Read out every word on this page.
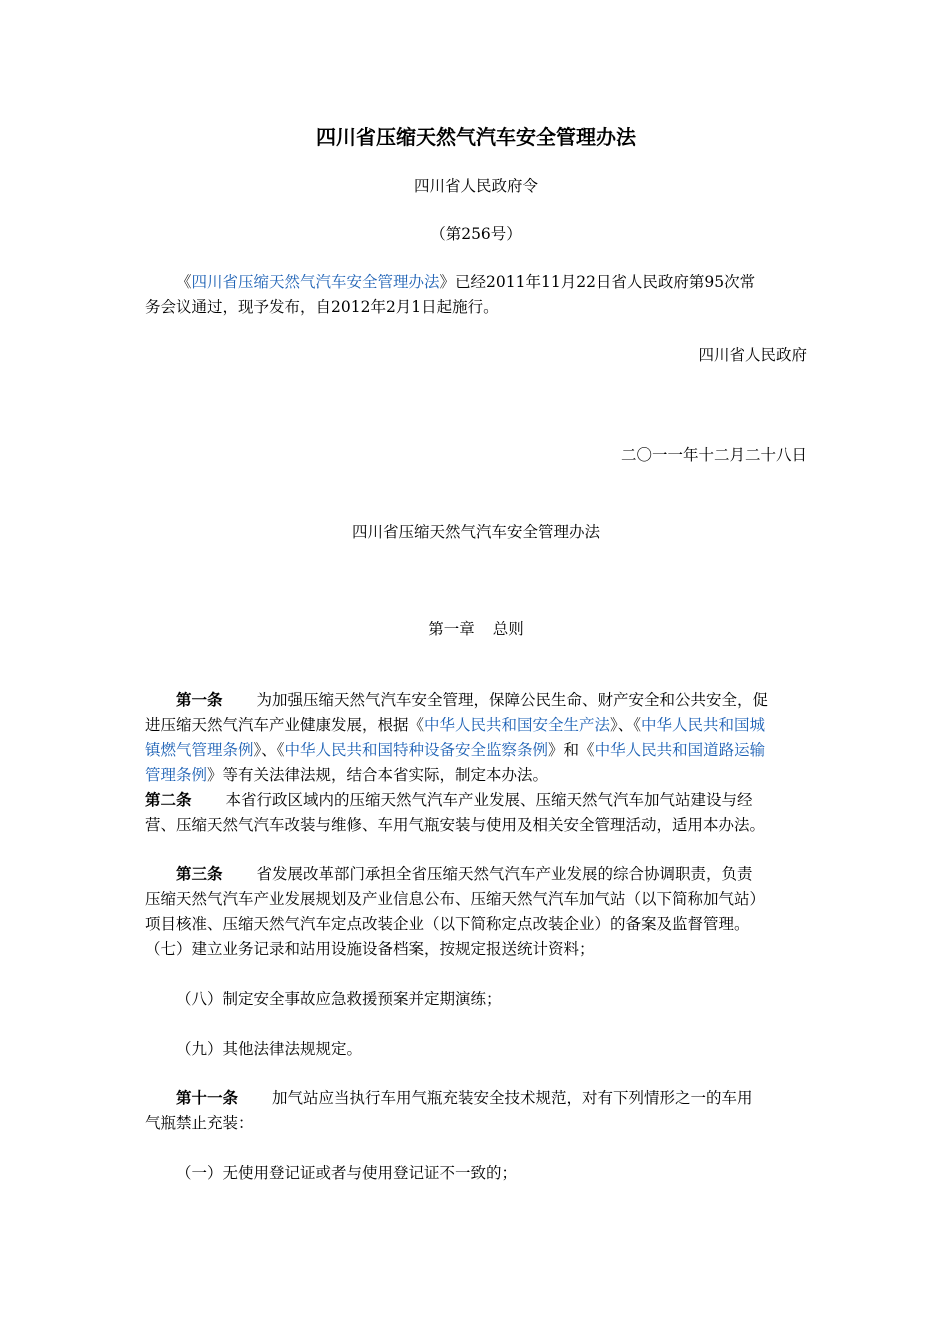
四川省压缩天然气汽车安全管理办法
四川省人民政府令
（第256号）
《四川省压缩天然气汽车安全管理办法》已经2011年11月22日省人民政府第95次常
务会议通过，现予发布，自2012年2月1日起施行。
四川省人民政府
二〇一一年十二月二十八日
四川省压缩天然气汽车安全管理办法
第一章 总则
第一条 为加强压缩天然气汽车安全管理，保障公民生命、财产安全和公共安全，促
进压缩天然气汽车产业健康发展，根据《中华人民共和国安全生产法》、《中华人民共和国城
镇燃气管理条例》、《中华人民共和国特种设备安全监察条例》和《中华人民共和国道路运输
管理条例》等有关法律法规，结合本省实际，制定本办法。
第二条 本省行政区域内的压缩天然气汽车产业发展、压缩天然气汽车加气站建设与经
营、压缩天然气汽车改装与维修、车用气瓶安装与使用及相关安全管理活动，适用本办法。
第三条 省发展改革部门承担全省压缩天然气汽车产业发展的综合协调职责，负责
压缩天然气汽车产业发展规划及产业信息公布、压缩天然气汽车加气站（以下简称加气站）
项目核准、压缩天然气汽车定点改装企业（以下简称定点改装企业）的备案及监督管理。
（七）建立业务记录和站用设施设备档案，按规定报送统计资料；
（八）制定安全事故应急救援预案并定期演练；
（九）其他法律法规规定。
第十一条 加气站应当执行车用气瓶充装安全技术规范，对有下列情形之一的车用
气瓶禁止充装：
（一）无使用登记证或者与使用登记证不一致的；
